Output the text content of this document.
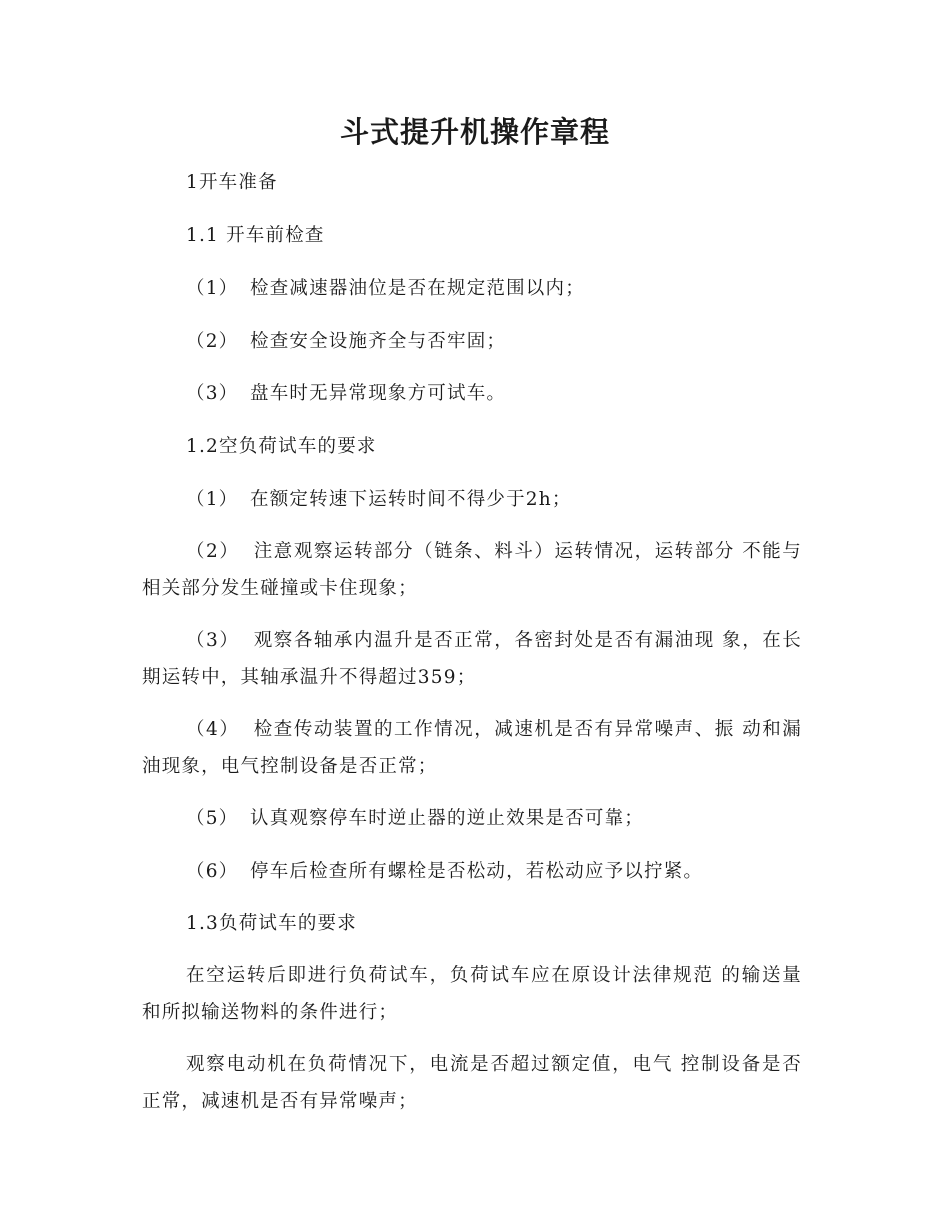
斗式提升机操作章程
1开车准备
1.1 开车前检查
（1） 检查减速器油位是否在规定范围以内；
（2） 检查安全设施齐全与否牢固；
（3） 盘车时无异常现象方可试车。
1.2空负荷试车的要求
（1） 在额定转速下运转时间不得少于2h；
（2） 注意观察运转部分（链条、料斗）运转情况，运转部分 不能与相关部分发生碰撞或卡住现象；
（3） 观察各轴承内温升是否正常，各密封处是否有漏油现 象，在长期运转中，其轴承温升不得超过359；
（4） 检查传动装置的工作情况，减速机是否有异常噪声、振 动和漏油现象，电气控制设备是否正常；
（5） 认真观察停车时逆止器的逆止效果是否可靠；
（6） 停车后检查所有螺栓是否松动，若松动应予以拧紧。
1.3负荷试车的要求
在空运转后即进行负荷试车，负荷试车应在原设计法律规范 的输送量和所拟输送物料的条件进行；
观察电动机在负荷情况下，电流是否超过额定值，电气 控制设备是否正常，减速机是否有异常噪声；
